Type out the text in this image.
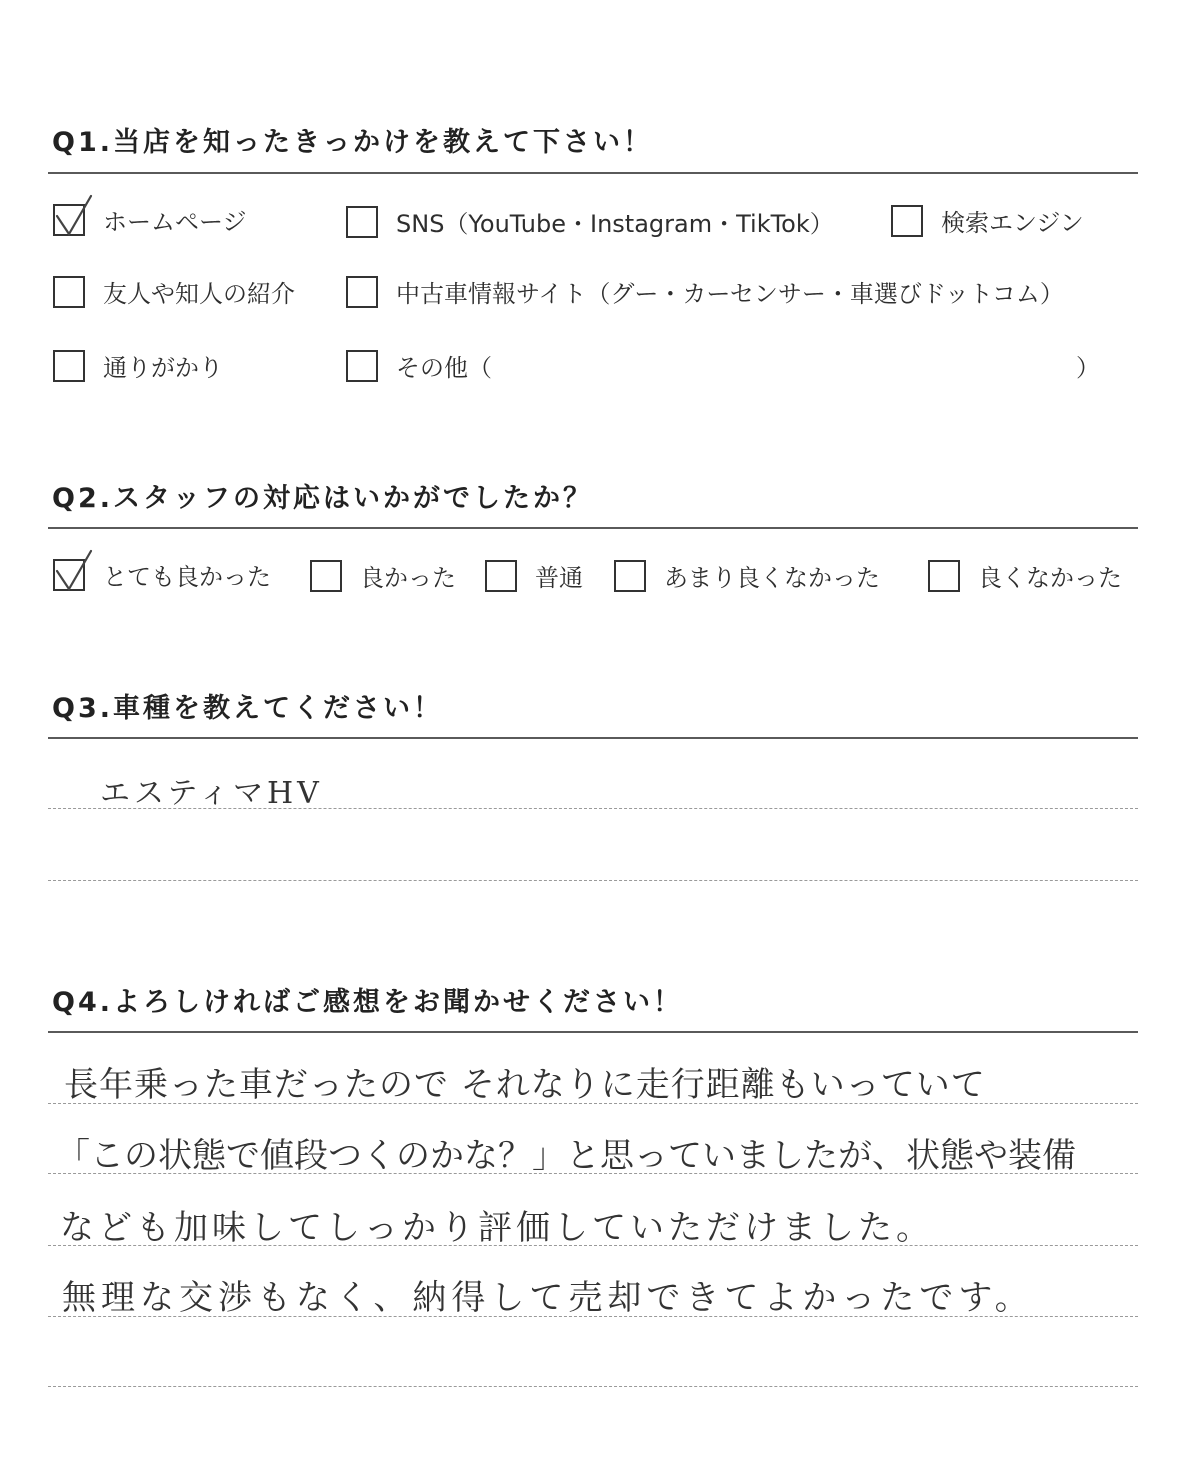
Q1.当店を知ったきっかけを教えて下さい！
ホームページ	SNS（YouTube・Instagram・TikTok）	検索エンジン
友人や知人の紹介	中古車情報サイト（グー・カーセンサー・車選びドットコム）
通りがかり	その他（	）
Q2.スタッフの対応はいかがでしたか？
とても良かった	良かった	普通	あまり良くなかった	良くなかった
Q3.車種を教えてください！
エスティマHV
Q4.よろしければご感想をお聞かせください！
長年乗った車だったので それなりに走行距離もいっていて
「この状態で値段つくのかな？」と思っていましたが、状態や装備
なども加味してしっかり評価していただけました。
無理な交渉もなく、納得して売却できてよかったです。
